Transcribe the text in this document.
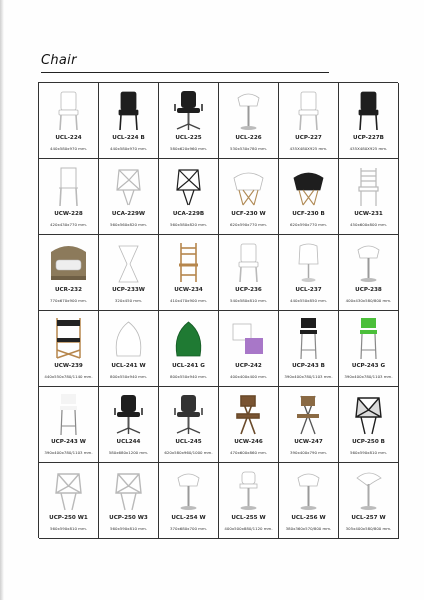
Chair
UCL-224
440x580x970 mm.
UCL-224 B
440x580x970 mm.
UCL-225
580x620x960 mm.
UCL-226
530x530x780 mm.
UCP-227
435X480X925 mm.
UCP-227B
435X480X925 mm.
UCW-228
420x430x770 mm.
UCA-229W
560x560x820 mm.
UCA-229B
560x580x820 mm.
UCF-230 W
620x590x770 mm.
UCF-230 B
620x590x770 mm.
UCW-231
450x600x800 mm.
UCR-232
770x670x900 mm.
UCP-233W
320x450 mm.
UCW-234
410x470x900 mm.
UCP-236
540x580x810 mm.
UCL-237
440x550x850 mm.
UCP-238
400x430x580/800 mm.
UCW-239
440x550x780/1140 mm.
UCL-241 W
800x550x940 mm.
UCL-241 G
800x550x940 mm.
UCP-242
400x400x400 mm.
UCP-243 B
390x400x780/1103 mm.
UCP-243 G
390x400x780/1103 mm.
UCP-243 W
390x400x780/1103 mm.
UCL244
580x680x1200 mm.
UCL-245
620x580x960/1000 mm.
UCW-246
470x600x860 mm.
UCW-247
390x400x790 mm.
UCP-250 B
560x590x810 mm.
UCP-250 W1
560x590x810 mm.
UCP-250 W3
560x590x810 mm.
UCL-254 W
370x680x700 mm.
UCL-255 W
400x500x880/1120 mm.
UCL-256 W
380x360x570/800 mm.
UCL-257 W
305x400x580/800 mm.
